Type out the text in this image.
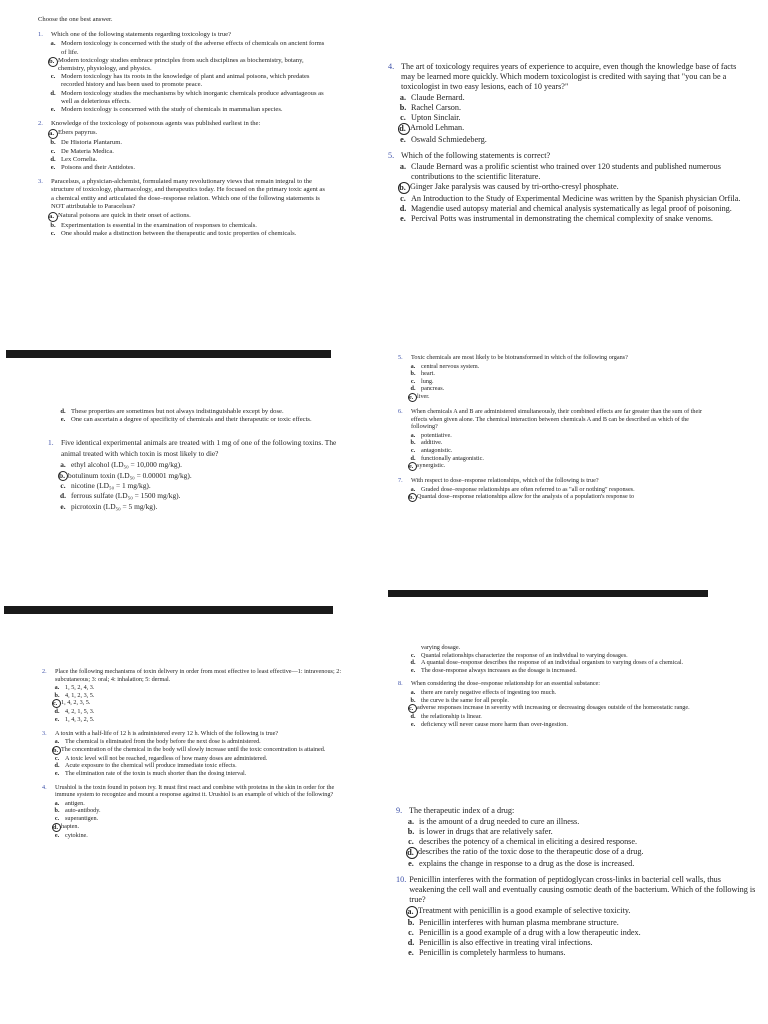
Choose the one best answer.
1.	Which one of the following statements regarding toxicology is true?
a. Modern toxicology is concerned with the study of the adverse effects of chemicals on ancient forms of life.
b. Modern toxicology studies embrace principles from such disciplines as biochemistry, botany, chemistry, physiology, and physics.
c. Modern toxicology has its roots in the knowledge of plant and animal poisons, which predates recorded history and has been used to promote peace.
d. Modern toxicology studies the mechanisms by which inorganic chemicals produce advantageous as well as deleterious effects.
e. Modern toxicology is concerned with the study of chemicals in mammalian species.
2.	Knowledge of the toxicology of poisonous agents was published earliest in the:
a. Ebers papyrus.
b. De Historia Plantarum.
c. De Materia Medica.
d. Lex Cornelia.
e. Poisons and their Antidotes.
3.	Paracelsus, a physician-alchemist, formulated many revolutionary views that remain integral to the structure of toxicology, pharmacology, and therapeutics today. He focused on the primary toxic agent as a chemical entity and articulated the dose–response relation. Which one of the following statements is NOT attributable to Paracelsus?
a. Natural poisons are quick in their onset of actions.
b. Experimentation is essential in the examination of responses to chemicals.
c. One should make a distinction between the therapeutic and toxic properties of chemicals.
4. The art of toxicology requires years of experience to acquire, even though the knowledge base of facts may be learned more quickly. Which modern toxicologist is credited with saying that "you can be a toxicologist in two easy lesions, each of 10 years?"
a. Claude Bernard.
b. Rachel Carson.
c. Upton Sinclair.
d. Arnold Lehman.
e. Oswald Schmiedeberg.
5. Which of the following statements is correct?
a. Claude Bernard was a prolific scientist who trained over 120 students and published numerous contributions to the scientific literature.
b. Ginger Jake paralysis was caused by tri-ortho-cresyl phosphate.
c. An Introduction to the Study of Experimental Medicine was written by the Spanish physician Orfila.
d. Magendie used autopsy material and chemical analysis systematically as legal proof of poisoning.
e. Percival Potts was instrumental in demonstrating the chemical complexity of snake venoms.
d. These properties are sometimes but not always indistinguishable except by dose.
e. One can ascertain a degree of specificity of chemicals and their therapeutic or toxic effects.
1.	Five identical experimental animals are treated with 1 mg of one of the following toxins. The animal treated with which toxin is most likely to die?
a. ethyl alcohol (LD₅₀ = 10,000 mg/kg).
b. botulinum toxin (LD₅₀ = 0.00001 mg/kg).
c. nicotine (LD₅₀ = 1 mg/kg).
d. ferrous sulfate (LD₅₀ = 1500 mg/kg).
e. picrotoxin (LD₅₀ = 5 mg/kg).
5.	Toxic chemicals are most likely to be biotransformed in which of the following organs?
a. central nervous system.
b. heart.
c. lung.
d. pancreas.
e. liver.
6.	When chemicals A and B are administered simultaneously, their combined effects are far greater than the sum of their effects when given alone. The chemical interaction between chemicals A and B can be described as which of the following?
a. potentiative.
b. additive.
c. antagonistic.
d. functionally antagonistic.
e. synergistic.
7.	With respect to dose–response relationships, which of the following is true?
a. Graded dose–response relationships are often referred to as "all or nothing" responses.
b. Quantal dose–response relationships allow for the analysis of a population's response to
2.	Place the following mechanisms of toxin delivery in order from most effective to least effective—1: intravenous; 2: subcutaneous; 3: oral; 4: inhalation; 5: dermal.
a. 1, 5, 2, 4, 3.
b. 4, 1, 2, 3, 5.
c. 1, 4, 2, 3, 5.
d. 4, 2, 1, 5, 3.
e. 1, 4, 3, 2, 5.
3.	A toxin with a half-life of 12 h is administered every 12 h. Which of the following is true?
a. The chemical is eliminated from the body before the next dose is administered.
b. The concentration of the chemical in the body will slowly increase until the toxic concentration is attained.
c. A toxic level will not be reached, regardless of how many doses are administered.
d. Acute exposure to the chemical will produce immediate toxic effects.
e. The elimination rate of the toxin is much shorter than the dosing interval.
4.	Urushiol is the toxin found in poison ivy. It must first react and combine with proteins in the skin in order for the immune system to recognize and mount a response against it. Urushiol is an example of which of the following?
a. antigen.
b. auto-antibody.
c. superantigen.
d. hapten.
e. cytokine.
varying dosage.
c. Quantal relationships characterize the response of an individual to varying dosages.
d. A quantal dose–response describes the response of an individual organism to varying doses of a chemical.
e. The dose-response always increases as the dosage is increased.
8.	When considering the dose–response relationship for an essential substance:
a. there are rarely negative effects of ingesting too much.
b. the curve is the same for all people.
c. adverse responses increase in severity with increasing or decreasing dosages outside of the homeostatic range.
d. the relationship is linear.
e. deficiency will never cause more harm than over-ingestion.
9. The therapeutic index of a drug:
a. is the amount of a drug needed to cure an illness.
b. is lower in drugs that are relatively safer.
c. describes the potency of a chemical in eliciting a desired response.
d. describes the ratio of the toxic dose to the therapeutic dose of a drug.
e. explains the change in response to a drug as the dose is increased.
10. Penicillin interferes with the formation of peptidoglycan cross-links in bacterial cell walls, thus weakening the cell wall and eventually causing osmotic death of the bacterium. Which of the following is true?
a. Treatment with penicillin is a good example of selective toxicity.
b. Penicillin interferes with human plasma membrane structure.
c. Penicillin is a good example of a drug with a low therapeutic index.
d. Penicillin is also effective in treating viral infections.
e. Penicillin is completely harmless to humans.
